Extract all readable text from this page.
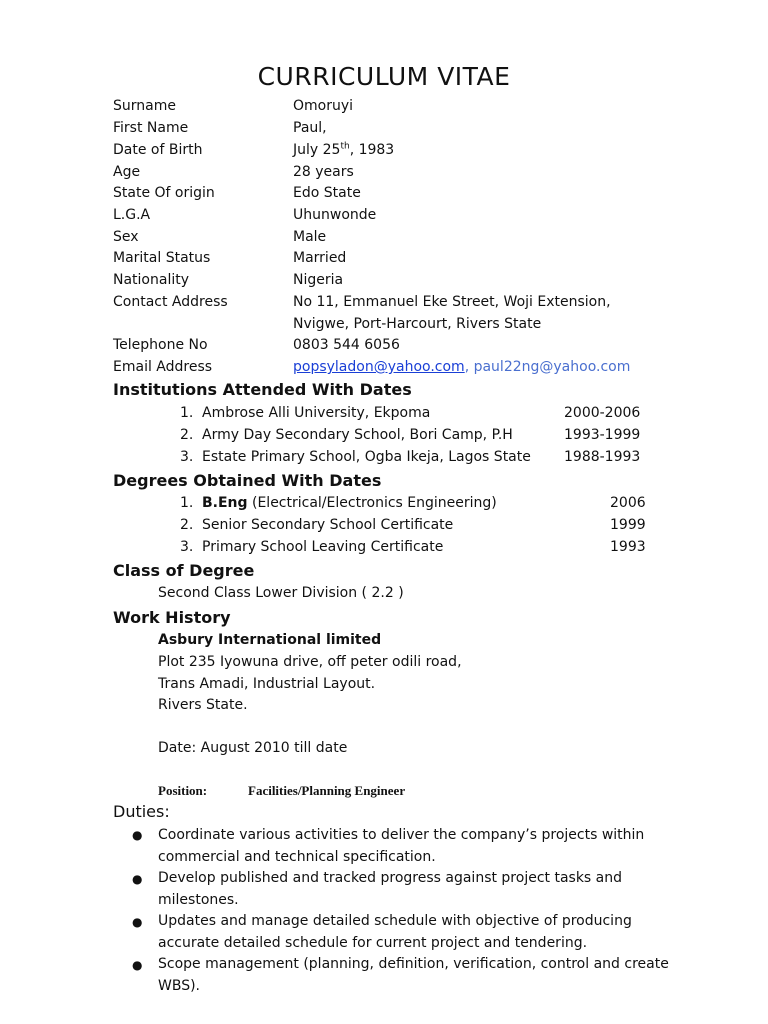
CURRICULUM VITAE
Surname	Omoruyi
First Name	Paul,
Date of Birth	July 25th, 1983
Age	28 years
State Of origin	Edo State
L.G.A	Uhunwonde
Sex	Male
Marital Status	Married
Nationality	Nigeria
Contact Address	No 11, Emmanuel Eke Street, Woji Extension,
Nvigwe, Port-Harcourt, Rivers State
Telephone No	0803 544 6056
Email Address	popsyladon@yahoo.com, paul22ng@yahoo.com
Institutions Attended With Dates
1. Ambrose Alli University, Ekpoma	2000-2006
2. Army Day Secondary School, Bori Camp, P.H	1993-1999
3. Estate Primary School, Ogba Ikeja, Lagos State 1988-1993
Degrees Obtained With Dates
1. B.Eng (Electrical/Electronics Engineering)	2006
2. Senior Secondary School Certificate	1999
3. Primary School Leaving Certificate	1993
Class of Degree
Second Class Lower Division ( 2.2 )
Work History
Asbury International limited
Plot 235 Iyowuna drive, off peter odili road,
Trans Amadi, Industrial Layout.
Rivers State.
Date: August 2010 till date
Position:	Facilities/Planning Engineer
Duties:
● Coordinate various activities to deliver the company’s projects within
commercial and technical specification.
● Develop published and tracked progress against project tasks and
milestones.
● Updates and manage detailed schedule with objective of producing
accurate detailed schedule for current project and tendering.
● Scope management (planning, definition, verification, control and create
WBS).
